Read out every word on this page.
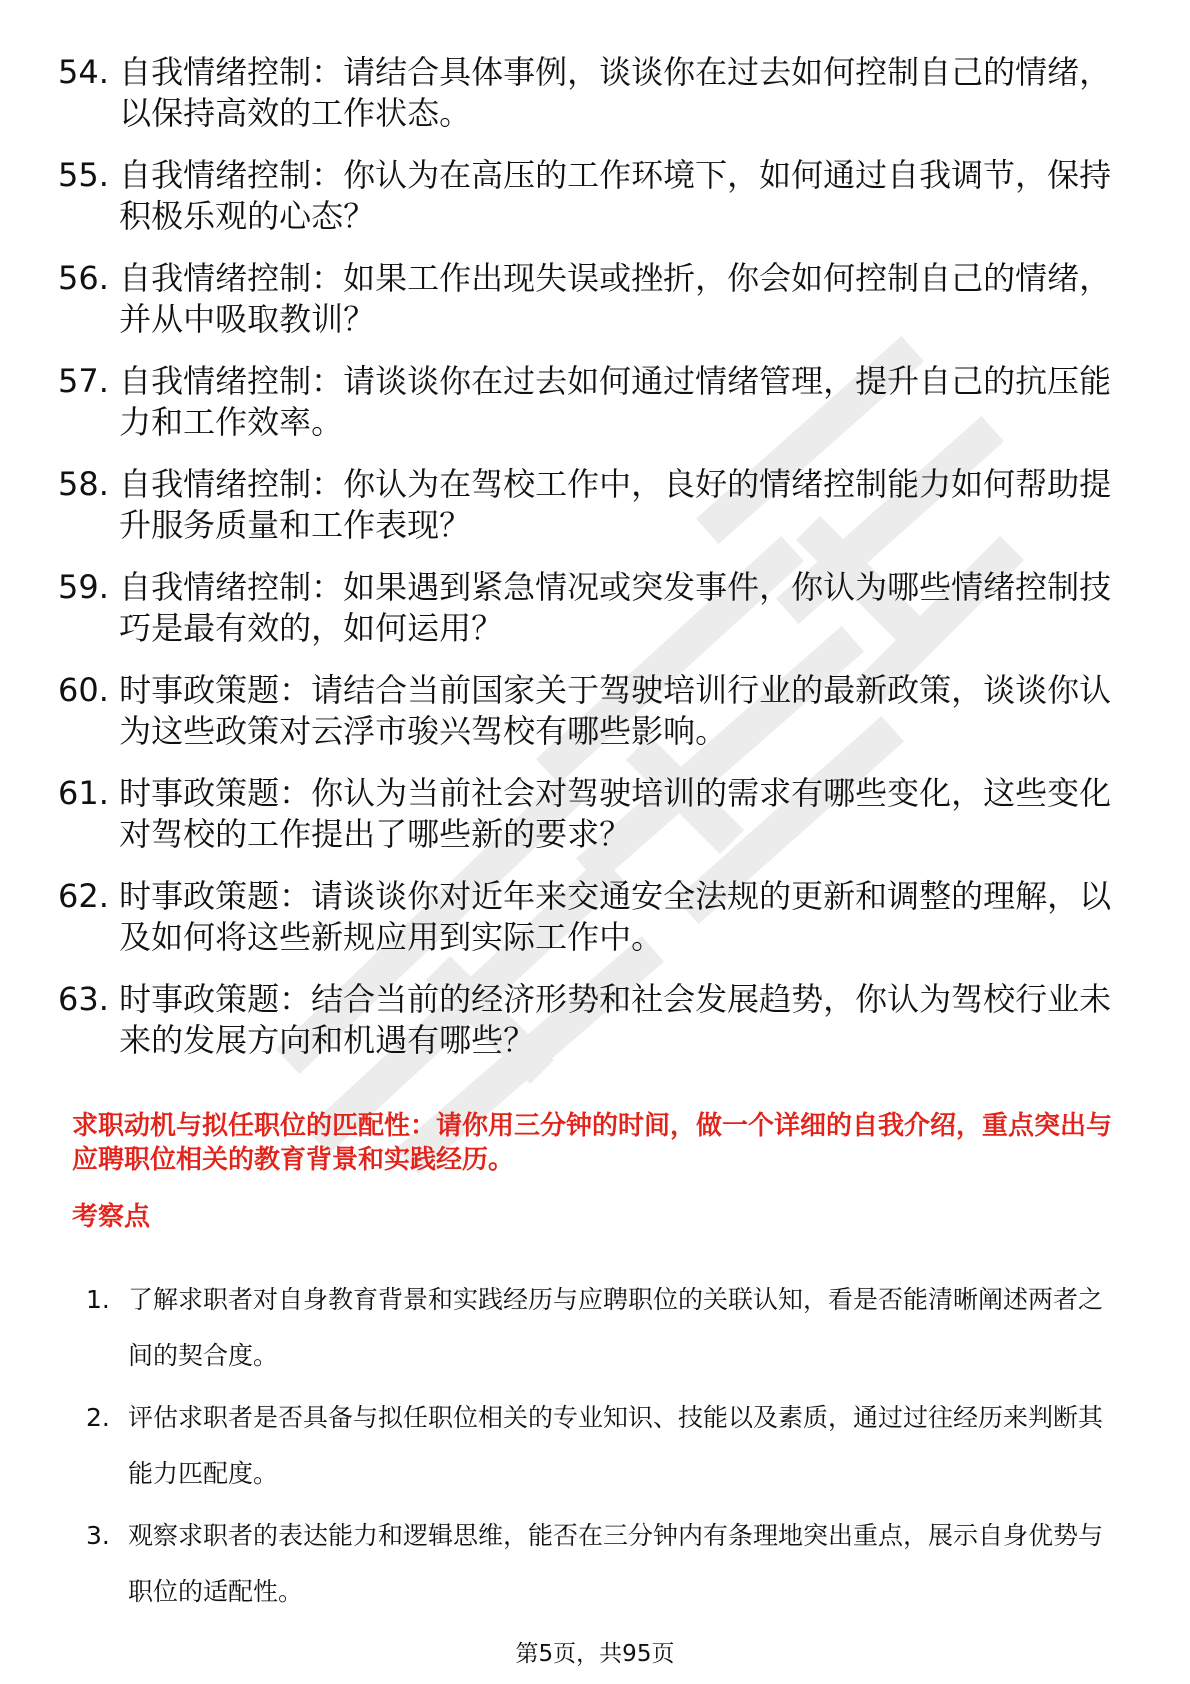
54. 自我情绪控制：请结合具体事例，谈谈你在过去如何控制自己的情绪，以保持高效的工作状态。
55. 自我情绪控制：你认为在高压的工作环境下，如何通过自我调节，保持积极乐观的心态？
56. 自我情绪控制：如果工作出现失误或挫折，你会如何控制自己的情绪，并从中吸取教训？
57. 自我情绪控制：请谈谈你在过去如何通过情绪管理，提升自己的抗压能力和工作效率。
58. 自我情绪控制：你认为在驾校工作中，良好的情绪控制能力如何帮助提升服务质量和工作表现？
59. 自我情绪控制：如果遇到紧急情况或突发事件，你认为哪些情绪控制技巧是最有效的，如何运用？
60. 时事政策题：请结合当前国家关于驾驶培训行业的最新政策，谈谈你认为这些政策对云浮市骏兴驾校有哪些影响。
61. 时事政策题：你认为当前社会对驾驶培训的需求有哪些变化，这些变化对驾校的工作提出了哪些新的要求？
62. 时事政策题：请谈谈你对近年来交通安全法规的更新和调整的理解，以及如何将这些新规应用到实际工作中。
63. 时事政策题：结合当前的经济形势和社会发展趋势，你认为驾校行业未来的发展方向和机遇有哪些？
求职动机与拟任职位的匹配性：请你用三分钟的时间，做一个详细的自我介绍，重点突出与应聘职位相关的教育背景和实践经历。
考察点
1. 了解求职者对自身教育背景和实践经历与应聘职位的关联认知，看是否能清晰阐述两者之间的契合度。
2. 评估求职者是否具备与拟任职位相关的专业知识、技能以及素质，通过过往经历来判断其能力匹配度。
3. 观察求职者的表达能力和逻辑思维，能否在三分钟内有条理地突出重点，展示自身优势与职位的适配性。
第5页，共95页
